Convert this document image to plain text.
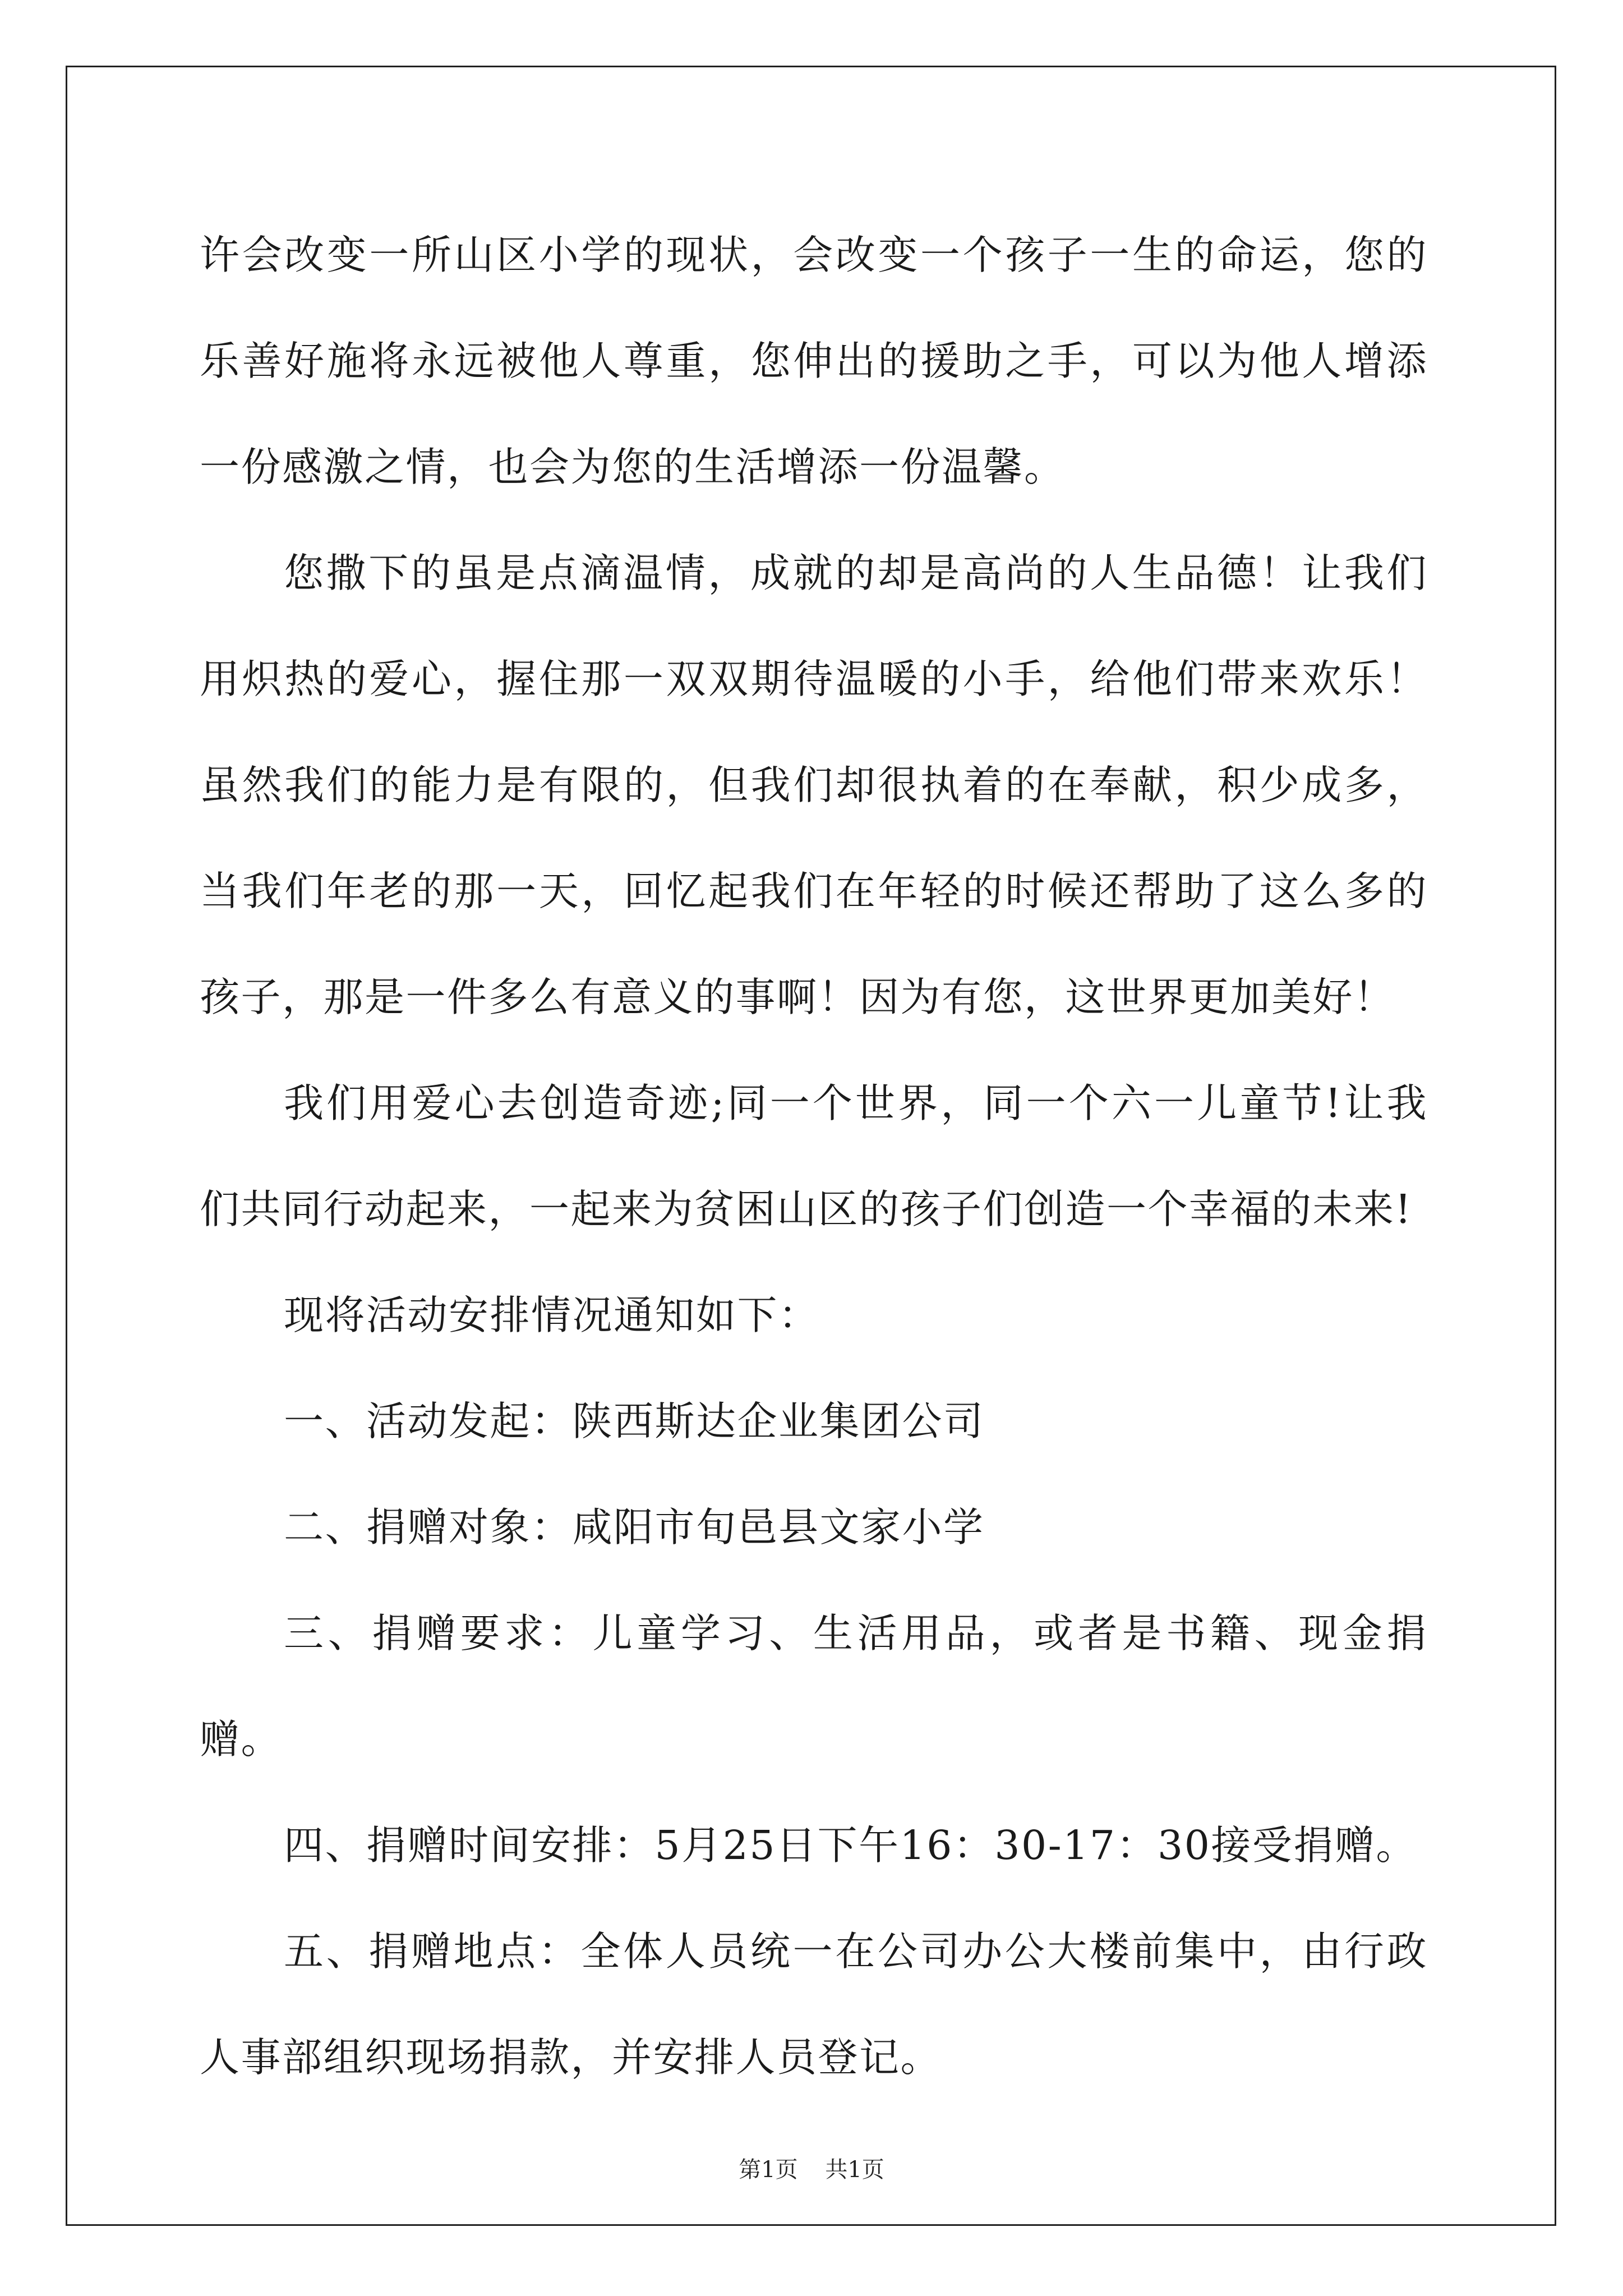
许会改变一所山区小学的现状，会改变一个孩子一生的命运，您的乐善好施将永远被他人尊重，您伸出的援助之手，可以为他人增添一份感激之情，也会为您的生活增添一份温馨。

您撒下的虽是点滴温情，成就的却是高尚的人生品德！让我们用炽热的爱心，握住那一双双期待温暖的小手，给他们带来欢乐！虽然我们的能力是有限的，但我们却很执着的在奉献，积少成多，当我们年老的那一天，回忆起我们在年轻的时候还帮助了这么多的孩子，那是一件多么有意义的事啊！因为有您，这世界更加美好！

我们用爱心去创造奇迹;同一个世界，同一个六一儿童节!让我们共同行动起来，一起来为贫困山区的孩子们创造一个幸福的未来!

现将活动安排情况通知如下：

一、活动发起：陕西斯达企业集团公司

二、捐赠对象：咸阳市旬邑县文家小学

三、捐赠要求：儿童学习、生活用品，或者是书籍、现金捐赠。

四、捐赠时间安排：5月25日下午16：30-17：30接受捐赠。

五、捐赠地点：全体人员统一在公司办公大楼前集中，由行政人事部组织现场捐款，并安排人员登记。

第1页 共1页
